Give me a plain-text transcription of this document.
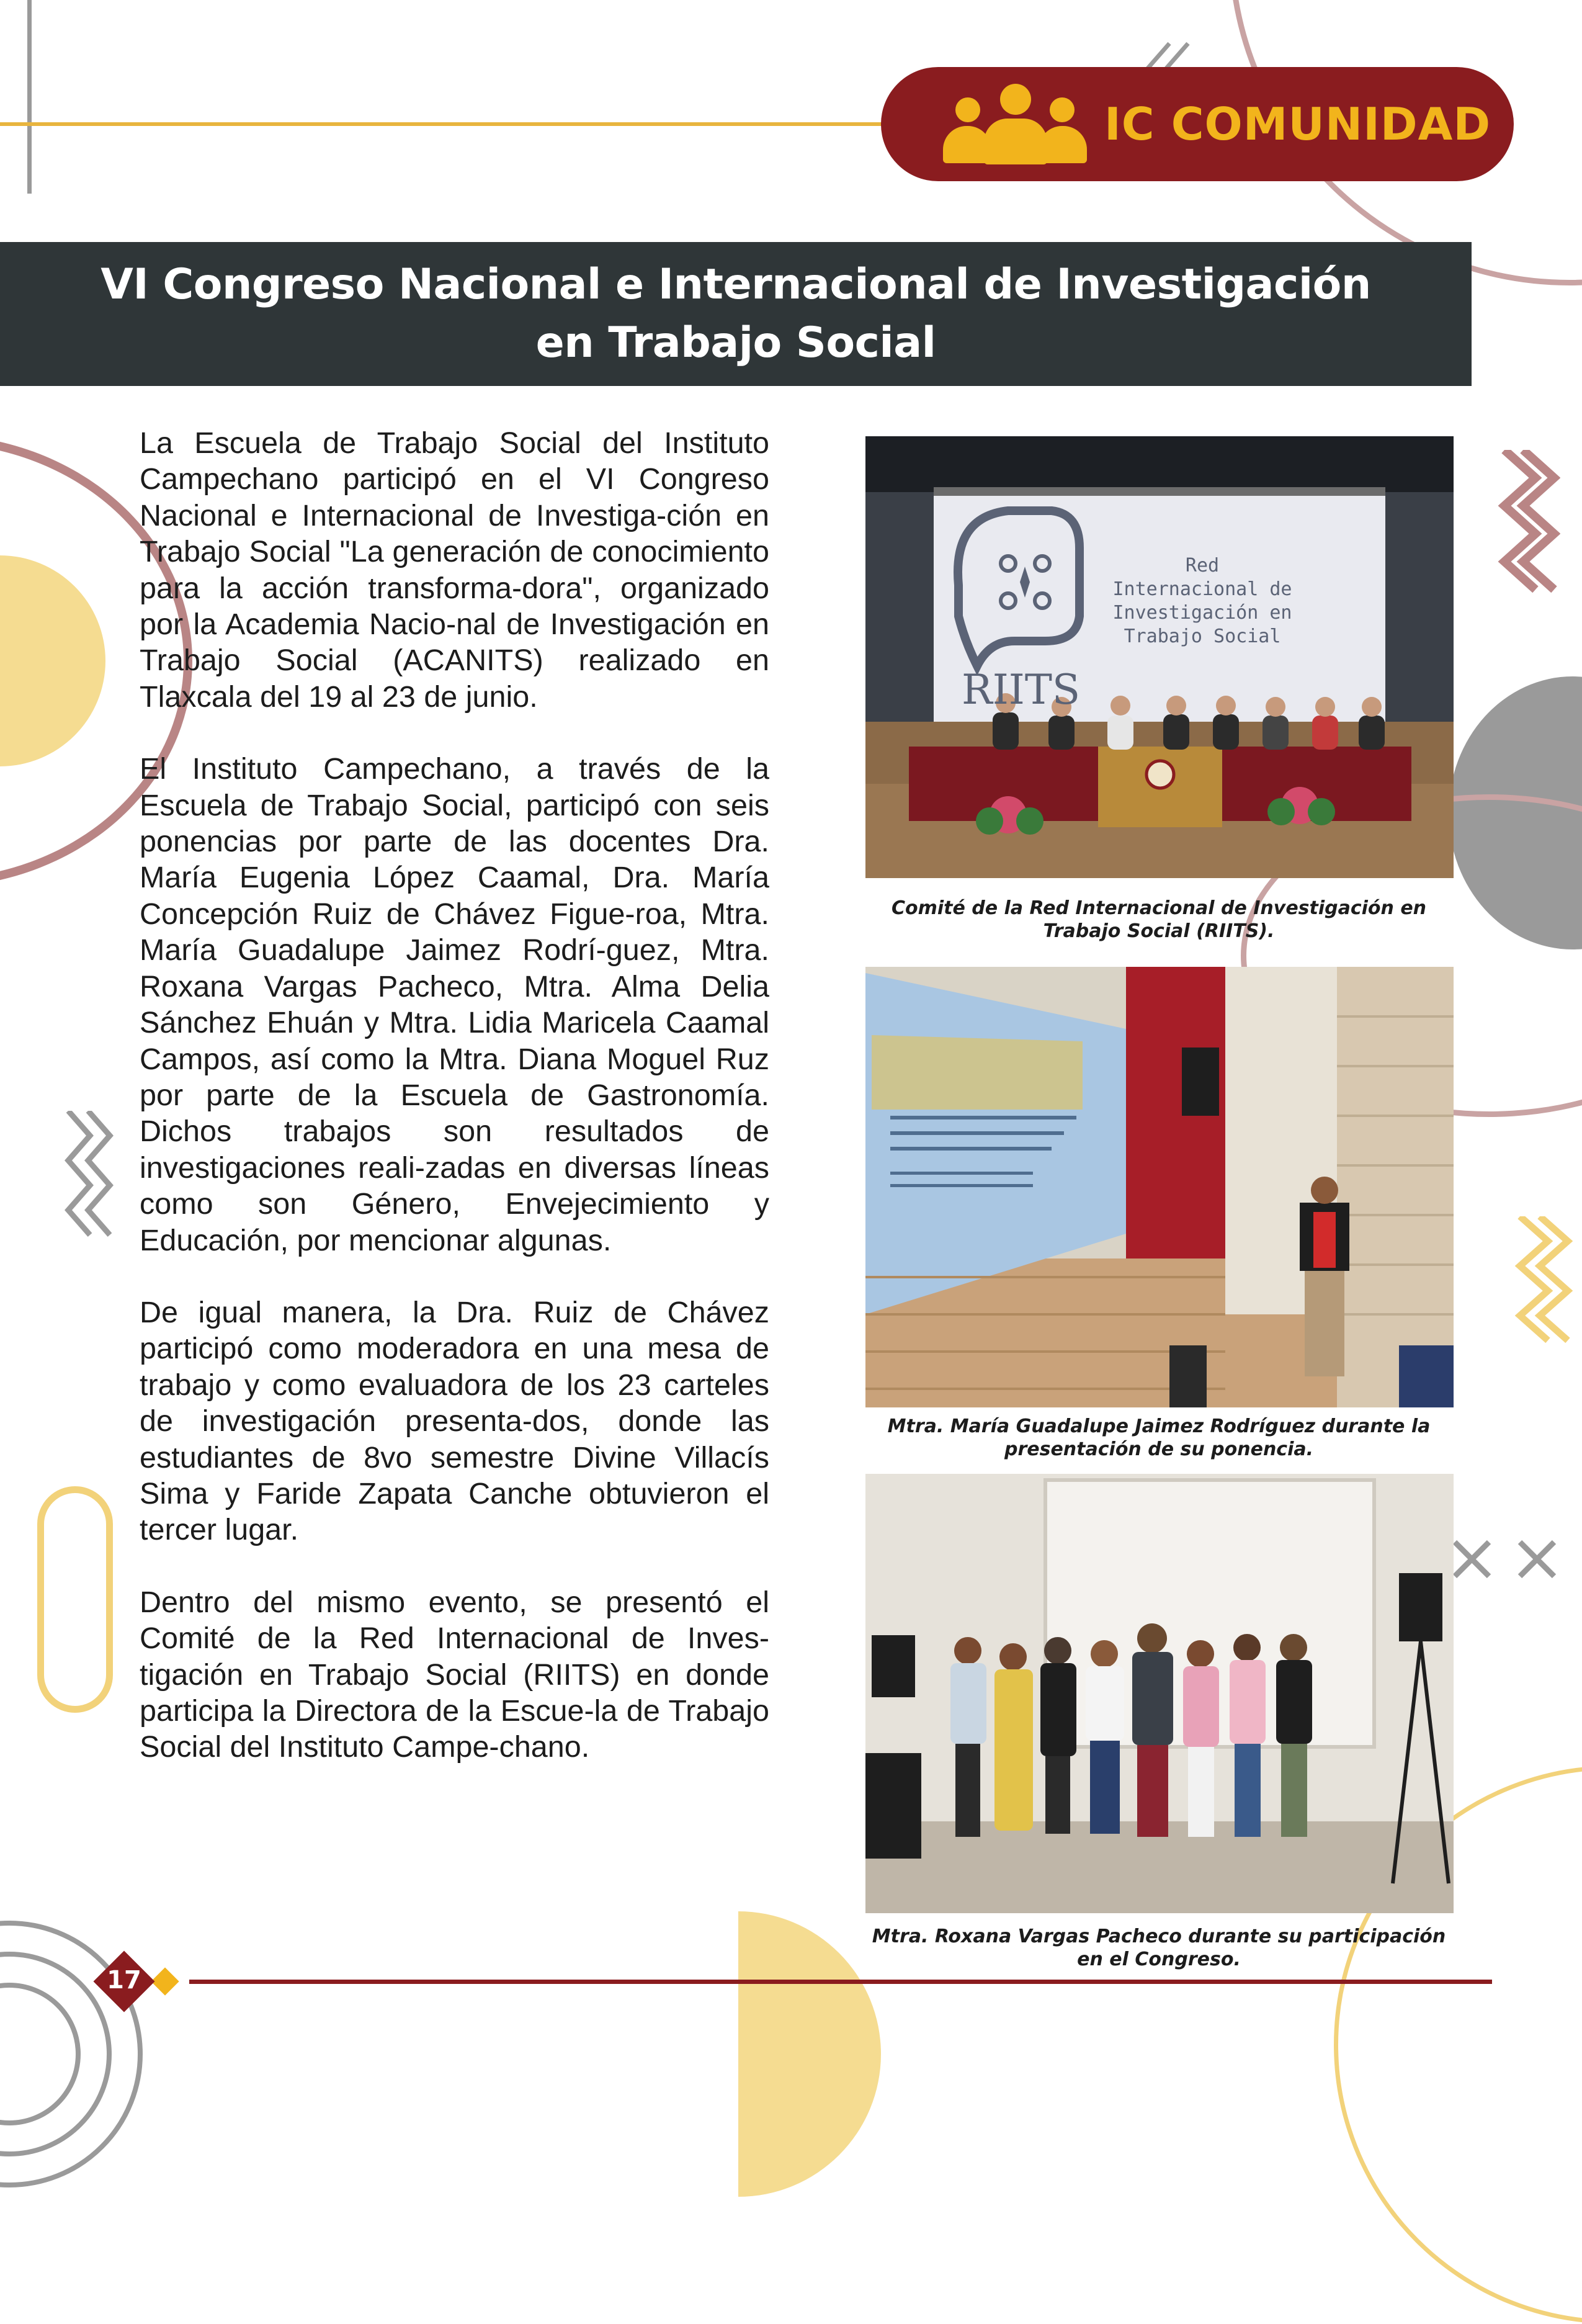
IC COMUNIDAD
VI Congreso Nacional e Internacional de Investigación
en Trabajo Social

La Escuela de Trabajo Social del Instituto Campechano participó en el VI Congreso Nacional e Internacional de Investiga-ción en Trabajo Social "La generación de conocimiento para la acción transforma-dora", organizado por la Academia Nacio-nal de Investigación en Trabajo Social (ACANITS) realizado en Tlaxcala del 19 al 23 de junio.

El Instituto Campechano, a través de la Escuela de Trabajo Social, participó con seis ponencias por parte de las docentes Dra. María Eugenia López Caamal, Dra. María Concepción Ruiz de Chávez Figue-roa, Mtra. María Guadalupe Jaimez Rodrí-guez, Mtra. Roxana Vargas Pacheco, Mtra. Alma Delia Sánchez Ehuán y Mtra. Lidia Maricela Caamal Campos, así como la Mtra. Diana Moguel Ruz por parte de la Escuela de Gastronomía. Dichos trabajos son resultados de investigaciones reali-zadas en diversas líneas como son Género, Envejecimiento y Educación, por mencionar algunas.

De igual manera, la Dra. Ruiz de Chávez participó como moderadora en una mesa de trabajo y como evaluadora de los 23 carteles de investigación presenta-dos, donde las estudiantes de 8vo semestre Divine Villacís Sima y Faride Zapata Canche obtuvieron el tercer lugar.

Dentro del mismo evento, se presentó el Comité de la Red Internacional de Inves-tigación en Trabajo Social (RIITS) en donde participa la Directora de la Escue-la de Trabajo Social del Instituto Campe-chano.

Red
Internacional de
Investigación en
Trabajo Social
RIITS
Comité de la Red Internacional de Investigación en
Trabajo Social (RIITS).
Mtra. María Guadalupe Jaimez Rodríguez durante la
presentación de su ponencia.
Mtra. Roxana Vargas Pacheco durante su participación
en el Congreso.
17
